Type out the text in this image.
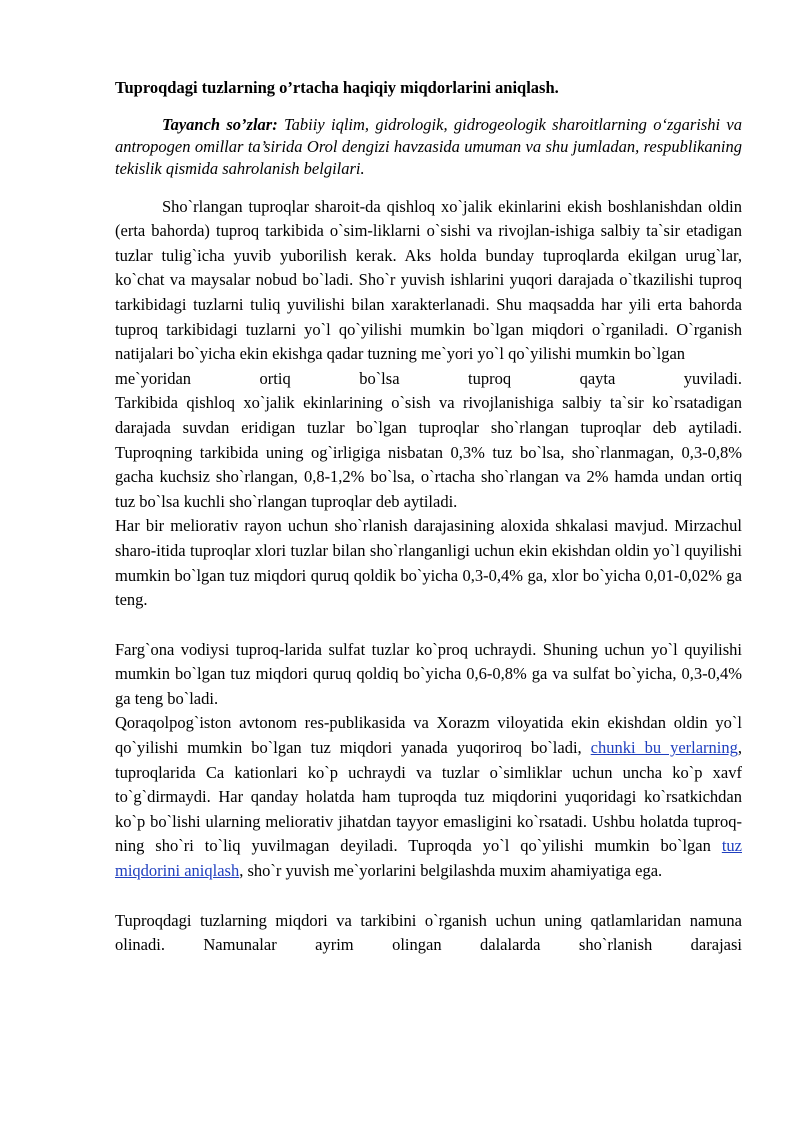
Tuproqdagi tuzlarning o’rtacha haqiqiy miqdorlarini aniqlash.

Tayanch so’zlar: Tabiiy iqlim, gidrologik, gidrogeologik sharoitlarning o‘zgarishi va antropogen omillar ta’sirida Orol dengizi havzasida umuman va shu jumladan, respublikaning tekislik qismida sahrolanish belgilari.

Sho`rlangan tuproqlar sharoit-da qishloq xo`jalik ekinlarini ekish boshlanishdan oldin (erta bahorda) tuproq tarkibida o`sim-liklarni o`sishi va rivojlan-ishiga salbiy ta`sir etadigan tuzlar tulig`icha yuvib yuborilish kerak. Aks holda bunday tuproqlarda ekilgan urug`lar, ko`chat va maysalar nobud bo`ladi. Sho`r yuvish ishlarini yuqori darajada o`tkazilishi tuproq tarkibidagi tuzlarni tuliq yuvilishi bilan xarakterlanadi. Shu maqsadda har yili erta bahorda tuproq tarkibidagi tuzlarni yo`l qo`yilishi mumkin bo`lgan miqdori o`rganiladi. O`rganish natijalari bo`yicha ekin ekishga qadar tuzning me`yori yo`l qo`yilishi mumkin bo`lgan

me`yoridan ortiq bo`lsa tuproq qayta yuviladi.

Tarkibida qishloq xo`jalik ekinlarining o`sish va rivojlanishiga salbiy ta`sir ko`rsatadigan darajada suvdan eridigan tuzlar bo`lgan tuproqlar sho`rlangan tuproqlar deb aytiladi. Tuproqning tarkibida uning og`irligiga nisbatan 0,3% tuz bo`lsa, sho`rlanmagan, 0,3-0,8% gacha kuchsiz sho`rlangan, 0,8-1,2% bo`lsa, o`rtacha sho`rlangan va 2% hamda undan ortiq tuz bo`lsa kuchli sho`rlangan tuproqlar deb aytiladi.

Har bir meliorativ rayon uchun sho`rlanish darajasining aloxida shkalasi mavjud. Mirzachul sharo-itida tuproqlar xlori tuzlar bilan sho`rlanganligi uchun ekin ekishdan oldin yo`l quyilishi mumkin bo`lgan tuz miqdori quruq qoldik bo`yicha 0,3-0,4% ga, xlor bo`yicha 0,01-0,02% ga teng.

Farg`ona vodiysi tuproq-larida sulfat tuzlar ko`proq uchraydi. Shuning uchun yo`l quyilishi mumkin bo`lgan tuz miqdori quruq qoldiq bo`yicha 0,6-0,8% ga va sulfat bo`yicha, 0,3-0,4% ga teng bo`ladi.

Qoraqolpog`iston avtonom res-publikasida va Xorazm viloyatida ekin ekishdan oldin yo`l qo`yilishi mumkin bo`lgan tuz miqdori yanada yuqoriroq bo`ladi, chunki bu yerlarning, tuproqlarida Ca kationlari ko`p uchraydi va tuzlar o`simliklar uchun uncha ko`p xavf to`g`dirmaydi. Har qanday holatda ham tuproqda tuz miqdorini yuqoridagi ko`rsatkichdan ko`p bo`lishi ularning meliorativ jihatdan tayyor emasligini ko`rsatadi. Ushbu holatda tuproq-ning sho`ri to`liq yuvilmagan deyiladi. Tuproqda yo`l qo`yilishi mumkin bo`lgan tuz miqdorini aniqlash, sho`r yuvish me`yorlarini belgilashda muxim ahamiyatiga ega.

Tuproqdagi tuzlarning miqdori va tarkibini o`rganish uchun uning qatlamlaridan namuna olinadi. Namunalar ayrim olingan dalalarda sho`rlanish darajasi
